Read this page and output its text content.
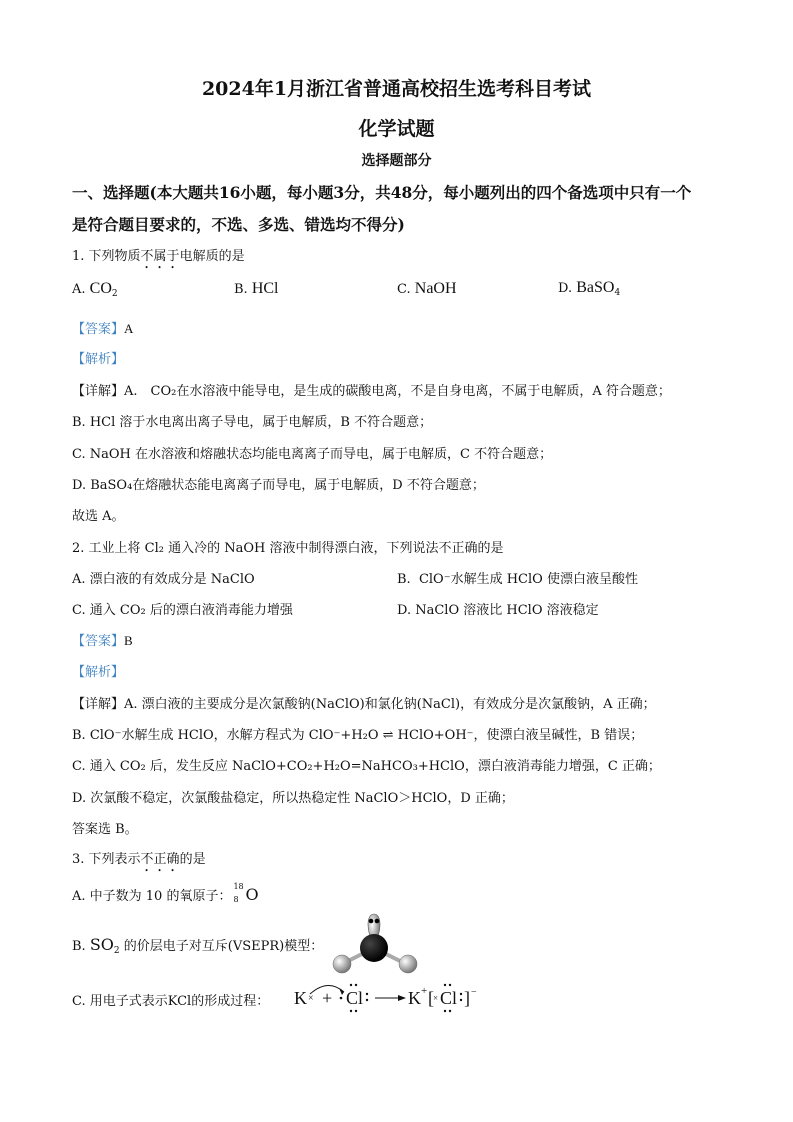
2024年1月浙江省普通高校招生选考科目考试
化学试题
选择题部分
一、选择题(本大题共16小题，每小题3分，共48分，每小题列出的四个备选项中只有一个
是符合题目要求的，不选、多选、错选均不得分)
1. 下列物质不属于电解质的是
A. $CO_2$	B. HCl	C. NaOH	D. BaSO$_4$
【答案】A
【解析】
【详解】A.　CO₂在水溶液中能导电，是生成的碳酸电离，不是自身电离，不属于电解质，A 符合题意；
B. HCl 溶于水电离出离子导电，属于电解质，B 不符合题意；
C. NaOH 在水溶液和熔融状态均能电离离子而导电，属于电解质，C 不符合题意；
D. BaSO₄在熔融状态能电离离子而导电，属于电解质，D 不符合题意；
故选 A。
2. 工业上将 Cl₂ 通入冷的 NaOH 溶液中制得漂白液，下列说法不正确的是
A. 漂白液的有效成分是 NaClO	B. ClO⁻水解生成 HClO 使漂白液呈酸性
C. 通入 CO₂ 后的漂白液消毒能力增强	D. NaClO 溶液比 HClO 溶液稳定
【答案】B
【解析】
【详解】A. 漂白液的主要成分是次氯酸钠(NaClO)和氯化钠(NaCl)，有效成分是次氯酸钠，A 正确；
B. ClO⁻水解生成 HClO，水解方程式为 ClO⁻+H₂O ⇌ HClO+OH⁻，使漂白液呈碱性，B 错误；
C. 通入 CO₂ 后，发生反应 NaClO+CO₂+H₂O=NaHCO₃+HClO，漂白液消毒能力增强，C 正确；
D. 次氯酸不稳定，次氯酸盐稳定，所以热稳定性 NaClO＞HClO，D 正确；
答案选 B。
3. 下列表示不正确的是
A. 中子数为 10 的氧原子：
18
8 O
B. $SO_2$ 的价层电子对互斥(VSEPR)模型：
C. 用电子式表示KCl的形成过程： K × + Cl K + [ × Cl ] −
